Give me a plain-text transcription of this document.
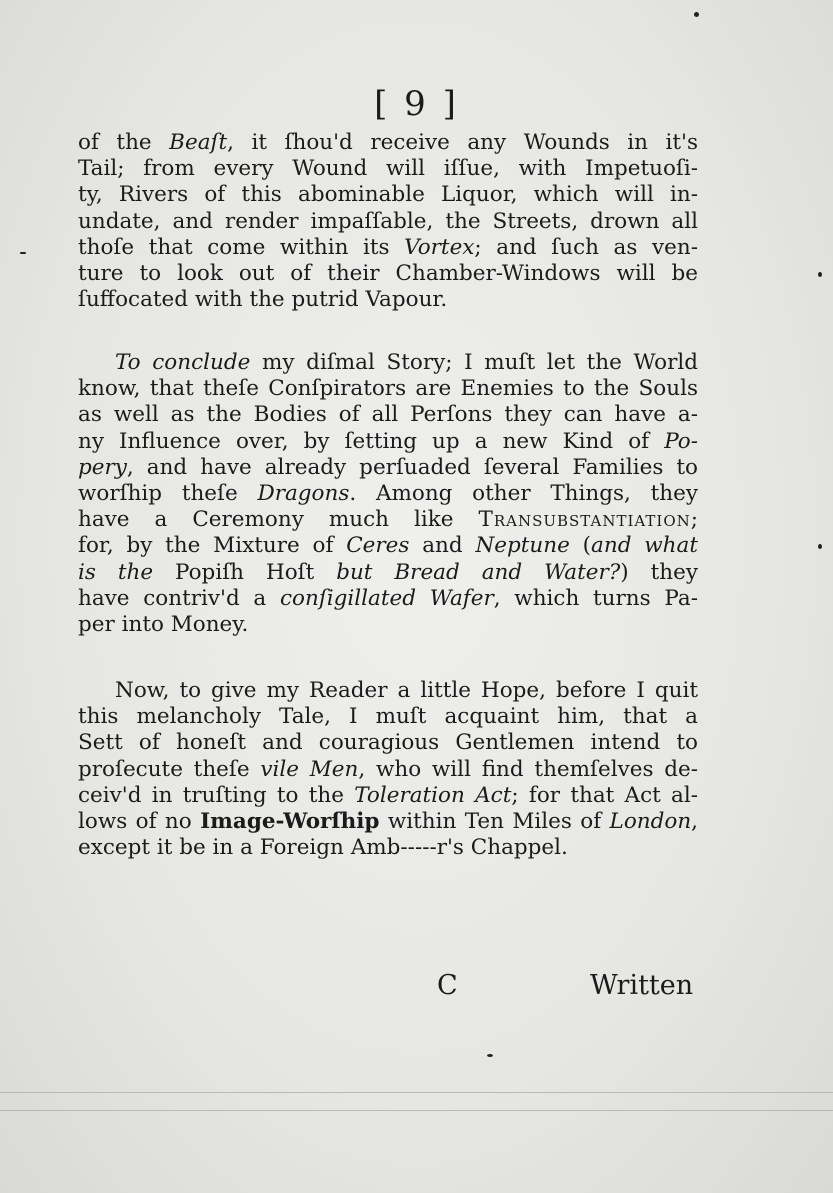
[ 9 ]
of the Beaſt, it ſhou'd receive any Wounds in it's
Tail; from every Wound will iſſue, with Impetuoſi-
ty, Rivers of this abominable Liquor, which will in-
undate, and render impaſſable, the Streets, drown all
thoſe that come within its Vortex; and ſuch as ven-
ture to look out of their Chamber-Windows will be
ſuffocated with the putrid Vapour.
To conclude my diſmal Story; I muſt let the World
know, that theſe Conſpirators are Enemies to the Souls
as well as the Bodies of all Perſons they can have a-
ny Influence over, by ſetting up a new Kind of Po-
pery, and have already perſuaded ſeveral Families to
worſhip theſe Dragons. Among other Things, they
have a Ceremony much like Transubstantiation;
for, by the Mixture of Ceres and Neptune (and what
is the Popiſh Hoſt but Bread and Water?) they
have contriv'd a conſigillated Wafer, which turns Pa-
per into Money.
Now, to give my Reader a little Hope, before I quit
this melancholy Tale, I muſt acquaint him, that a
Sett of honeſt and couragious Gentlemen intend to
proſecute theſe vile Men, who will find themſelves de-
ceiv'd in truſting to the Toleration Act; for that Act al-
lows of no Image-Worſhip within Ten Miles of London,
except it be in a Foreign Amb-----r's Chappel.
C	Written
